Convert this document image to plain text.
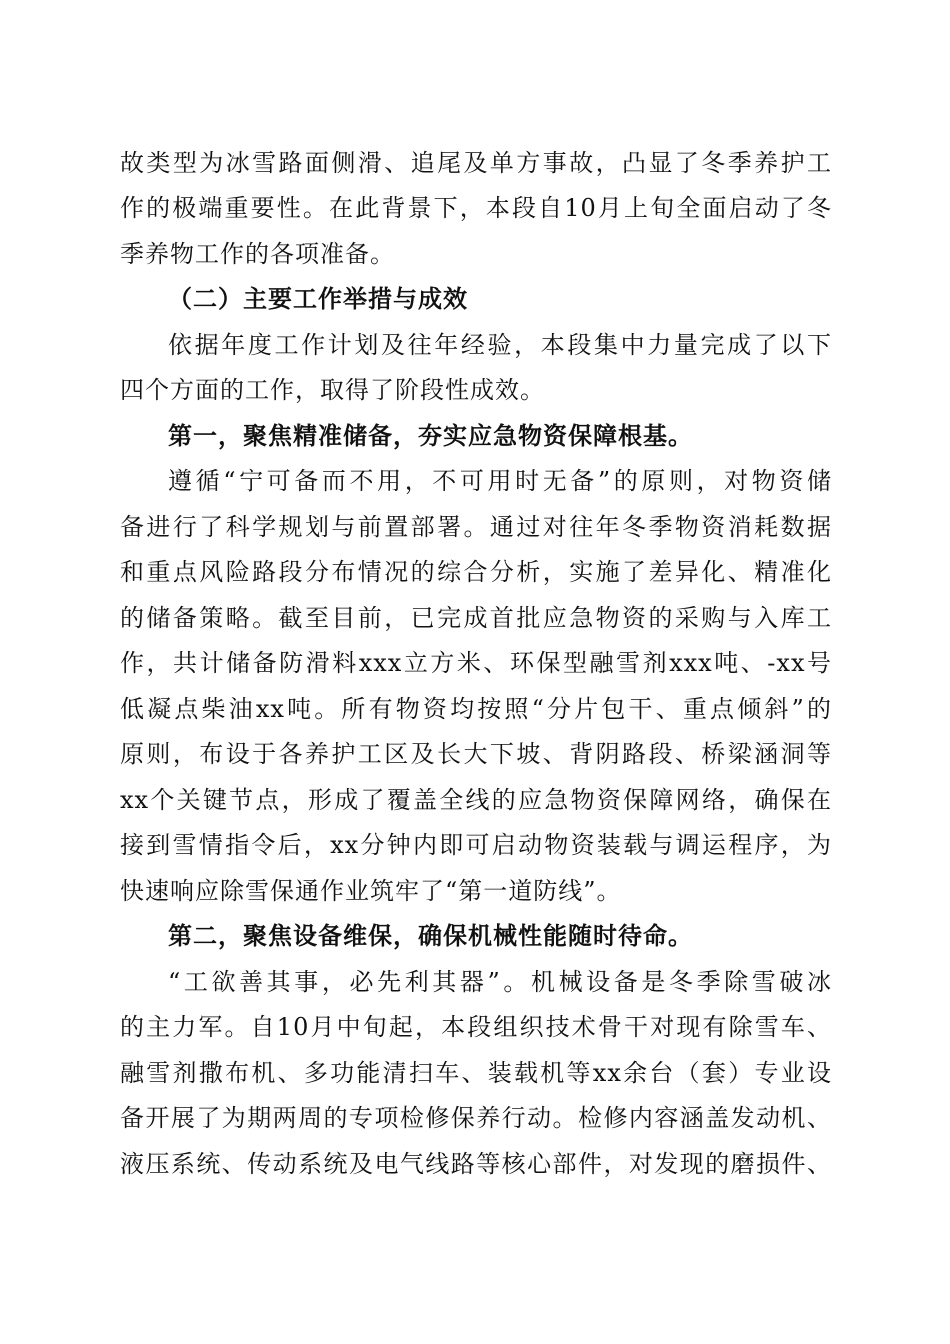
故类型为冰雪路面侧滑、追尾及单方事故，凸显了冬季养护工
作的极端重要性。在此背景下，本段自10月上旬全面启动了冬
季养物工作的各项准备。
（二）主要工作举措与成效
依据年度工作计划及往年经验，本段集中力量完成了以下
四个方面的工作，取得了阶段性成效。
第一，聚焦精准储备，夯实应急物资保障根基。
遵循“宁可备而不用，不可用时无备”的原则，对物资储
备进行了科学规划与前置部署。通过对往年冬季物资消耗数据
和重点风险路段分布情况的综合分析，实施了差异化、精准化
的储备策略。截至目前，已完成首批应急物资的采购与入库工
作，共计储备防滑料xxx立方米、环保型融雪剂xxx吨、-xx号
低凝点柴油xx吨。所有物资均按照“分片包干、重点倾斜”的
原则，布设于各养护工区及长大下坡、背阴路段、桥梁涵洞等
xx个关键节点，形成了覆盖全线的应急物资保障网络，确保在
接到雪情指令后，xx分钟内即可启动物资装载与调运程序，为
快速响应除雪保通作业筑牢了“第一道防线”。
第二，聚焦设备维保，确保机械性能随时待命。
“工欲善其事，必先利其器”。机械设备是冬季除雪破冰
的主力军。自10月中旬起，本段组织技术骨干对现有除雪车、
融雪剂撒布机、多功能清扫车、装载机等xx余台（套）专业设
备开展了为期两周的专项检修保养行动。检修内容涵盖发动机、
液压系统、传动系统及电气线路等核心部件，对发现的磨损件、
